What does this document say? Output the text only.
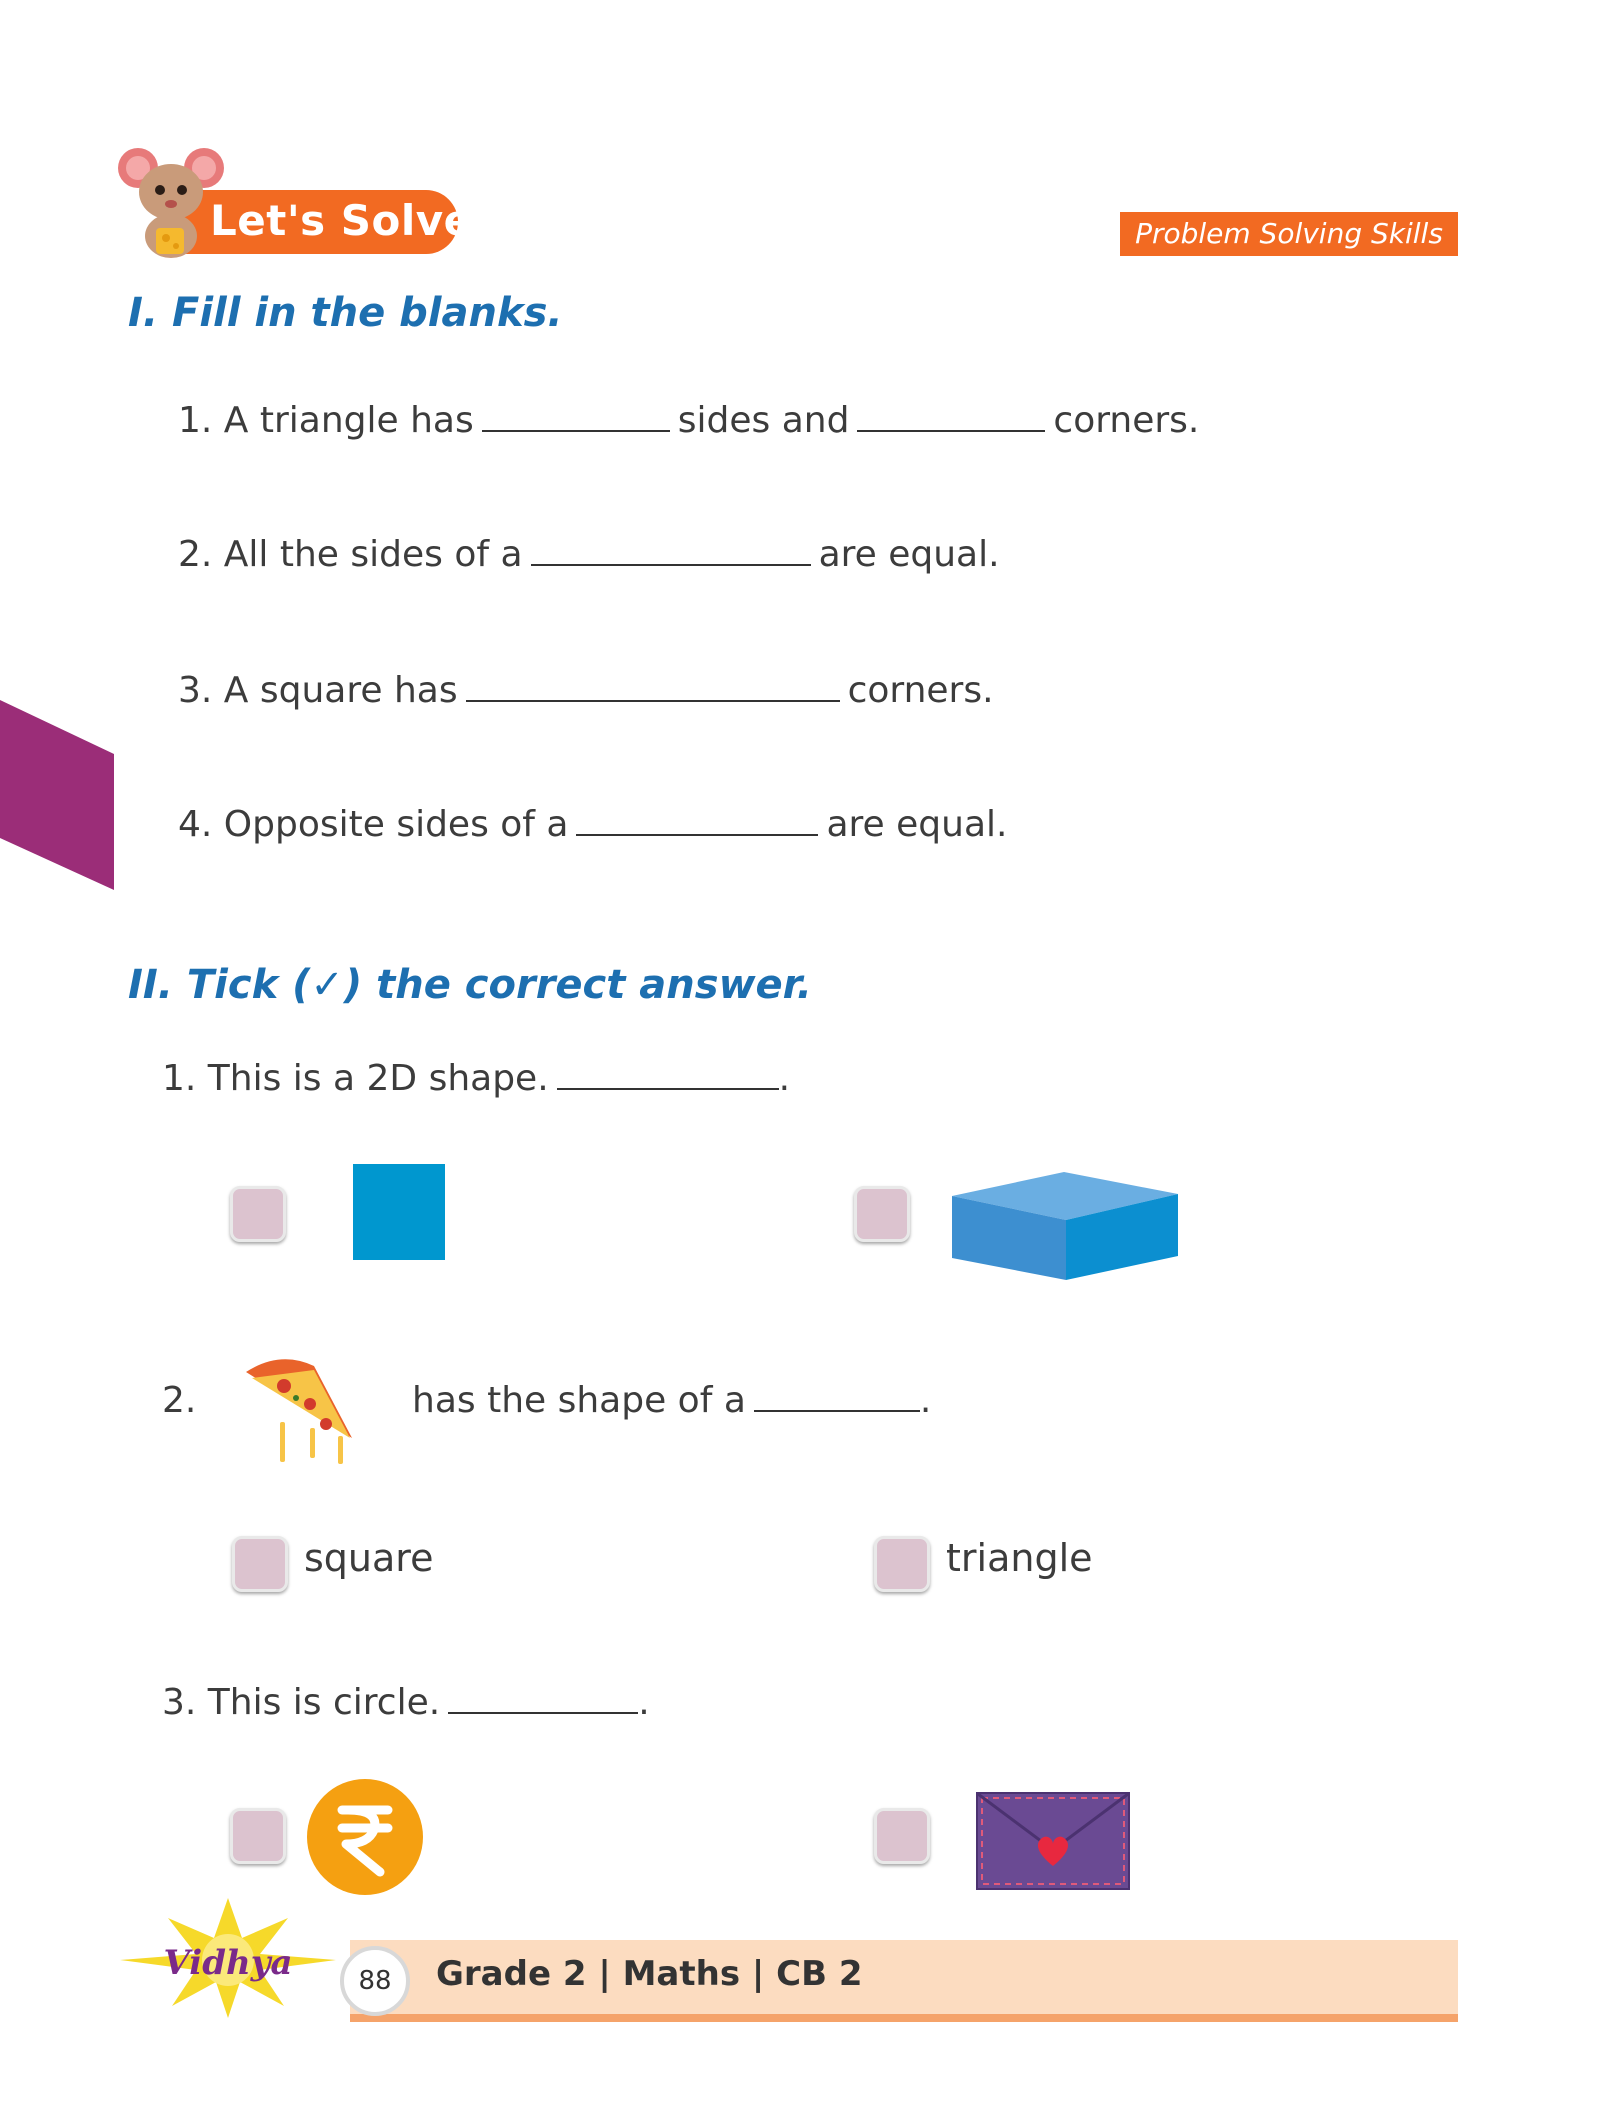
Let's Solve	Problem Solving Skills
I. Fill in the blanks.
1. A triangle has	sides and	corners.
2. All the sides of a	are equal.
3. A square has	corners.
4. Opposite sides of a	are equal.
II. Tick (✓) the correct answer.
1. This is a 2D shape.	.
2.	has the shape of a	.
square	triangle
3. This is circle.	.
Vidhya	88	Grade 2 | Maths | CB 2
